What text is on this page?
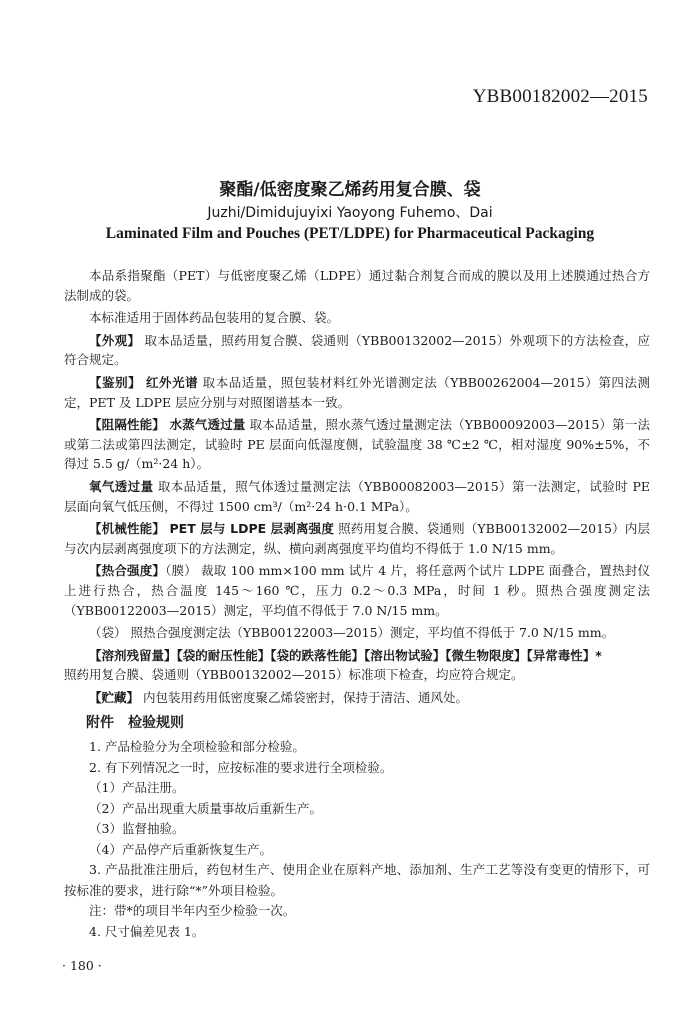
YBB00182002—2015
聚酯/低密度聚乙烯药用复合膜、袋
Juzhi/Dimidujuyixi Yaoyong Fuhemo、Dai
Laminated Film and Pouches (PET/LDPE) for Pharmaceutical Packaging

本品系指聚酯（PET）与低密度聚乙烯（LDPE）通过黏合剂复合而成的膜以及用上述膜通过热合方法制成的袋。

本标准适用于固体药品包装用的复合膜、袋。

【外观】 取本品适量，照药用复合膜、袋通则（YBB00132002—2015）外观项下的方法检查，应符合规定。

【鉴别】 红外光谱 取本品适量，照包装材料红外光谱测定法（YBB00262004—2015）第四法测定，PET 及 LDPE 层应分别与对照图谱基本一致。

【阻隔性能】 水蒸气透过量 取本品适量，照水蒸气透过量测定法（YBB00092003—2015）第一法或第二法或第四法测定，试验时 PE 层面向低湿度侧，试验温度 38 ℃±2 ℃，相对湿度 90%±5%，不得过 5.5 g/（m²·24 h）。

氧气透过量 取本品适量，照气体透过量测定法（YBB00082003—2015）第一法测定，试验时 PE 层面向氧气低压侧，不得过 1500 cm³/（m²·24 h·0.1 MPa）。

【机械性能】 PET 层与 LDPE 层剥离强度 照药用复合膜、袋通则（YBB00132002—2015）内层与次内层剥离强度项下的方法测定，纵、横向剥离强度平均值均不得低于 1.0 N/15 mm。

【热合强度】（膜） 裁取 100 mm×100 mm 试片 4 片，将任意两个试片 LDPE 面叠合，置热封仪上进行热合，热合温度 145～160 ℃，压力 0.2～0.3 MPa，时间 1 秒。照热合强度测定法（YBB00122003—2015）测定，平均值不得低于 7.0 N/15 mm。

（袋） 照热合强度测定法（YBB00122003—2015）测定，平均值不得低于 7.0 N/15 mm。

【溶剂残留量】【袋的耐压性能】【袋的跌落性能】【溶出物试验】【微生物限度】【异常毒性】*

照药用复合膜、袋通则（YBB00132002—2015）标准项下检查，均应符合规定。

【贮藏】 内包装用药用低密度聚乙烯袋密封，保持于清洁、通风处。

附件 检验规则

1. 产品检验分为全项检验和部分检验。

2. 有下列情况之一时，应按标准的要求进行全项检验。

（1）产品注册。

（2）产品出现重大质量事故后重新生产。

（3）监督抽验。

（4）产品停产后重新恢复生产。

3. 产品批准注册后，药包材生产、使用企业在原料产地、添加剂、生产工艺等没有变更的情形下，可按标准的要求，进行除“*”外项目检验。

注：带*的项目半年内至少检验一次。

4. 尺寸偏差见表 1。

· 180 ·
